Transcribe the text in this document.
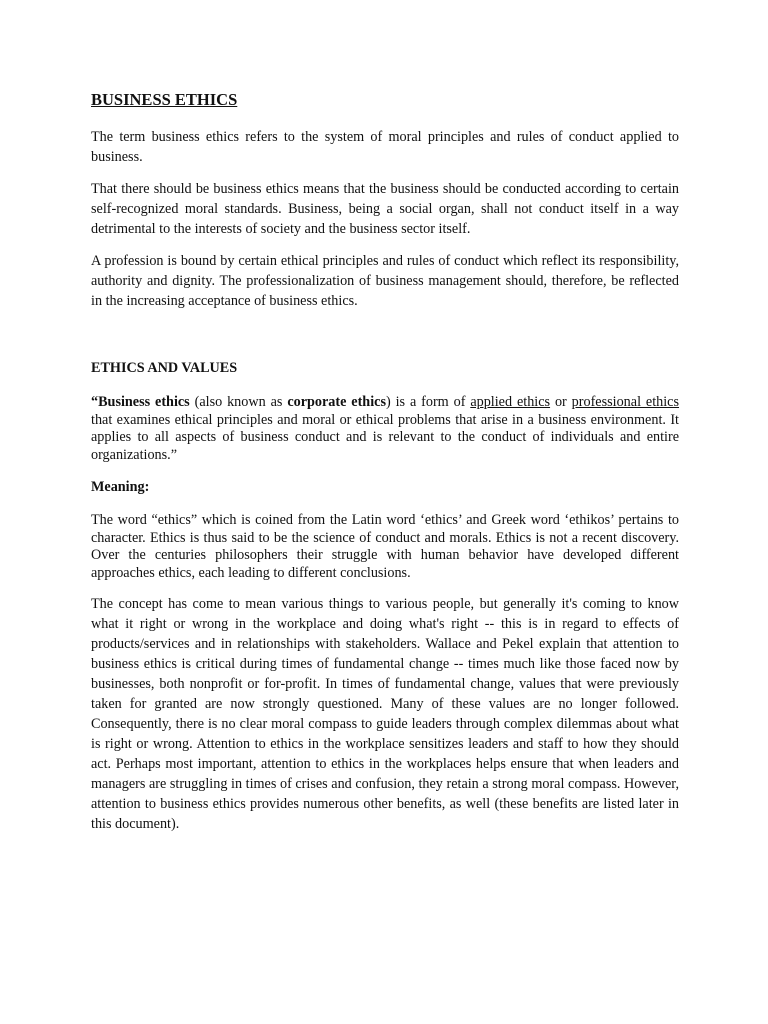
BUSINESS ETHICS

The term business ethics refers to the system of moral principles and rules of conduct applied to business.

That there should be business ethics means that the business should be conducted according to certain self-recognized moral standards. Business, being a social organ, shall not conduct itself in a way detrimental to the interests of society and the business sector itself.

A profession is bound by certain ethical principles and rules of conduct which reflect its responsibility, authority and dignity. The professionalization of business management should, therefore, be reflected in the increasing acceptance of business ethics.

ETHICS AND VALUES

“Business ethics (also known as corporate ethics) is a form of applied ethics or professional ethics that examines ethical principles and moral or ethical problems that arise in a business environment. It applies to all aspects of business conduct and is relevant to the conduct of individuals and entire organizations.”

Meaning:

The word “ethics” which is coined from the Latin word ‘ethics’ and Greek word ‘ethikos’ pertains to character. Ethics is thus said to be the science of conduct and morals. Ethics is not a recent discovery. Over the centuries philosophers their struggle with human behavior have developed different approaches ethics, each leading to different conclusions.

The concept has come to mean various things to various people, but generally it's coming to know what it right or wrong in the workplace and doing what's right -- this is in regard to effects of products/services and in relationships with stakeholders. Wallace and Pekel explain that attention to business ethics is critical during times of fundamental change -- times much like those faced now by businesses, both nonprofit or for-profit. In times of fundamental change, values that were previously taken for granted are now strongly questioned. Many of these values are no longer followed. Consequently, there is no clear moral compass to guide leaders through complex dilemmas about what is right or wrong. Attention to ethics in the workplace sensitizes leaders and staff to how they should act. Perhaps most important, attention to ethics in the workplaces helps ensure that when leaders and managers are struggling in times of crises and confusion, they retain a strong moral compass. However, attention to business ethics provides numerous other benefits, as well (these benefits are listed later in this document).
